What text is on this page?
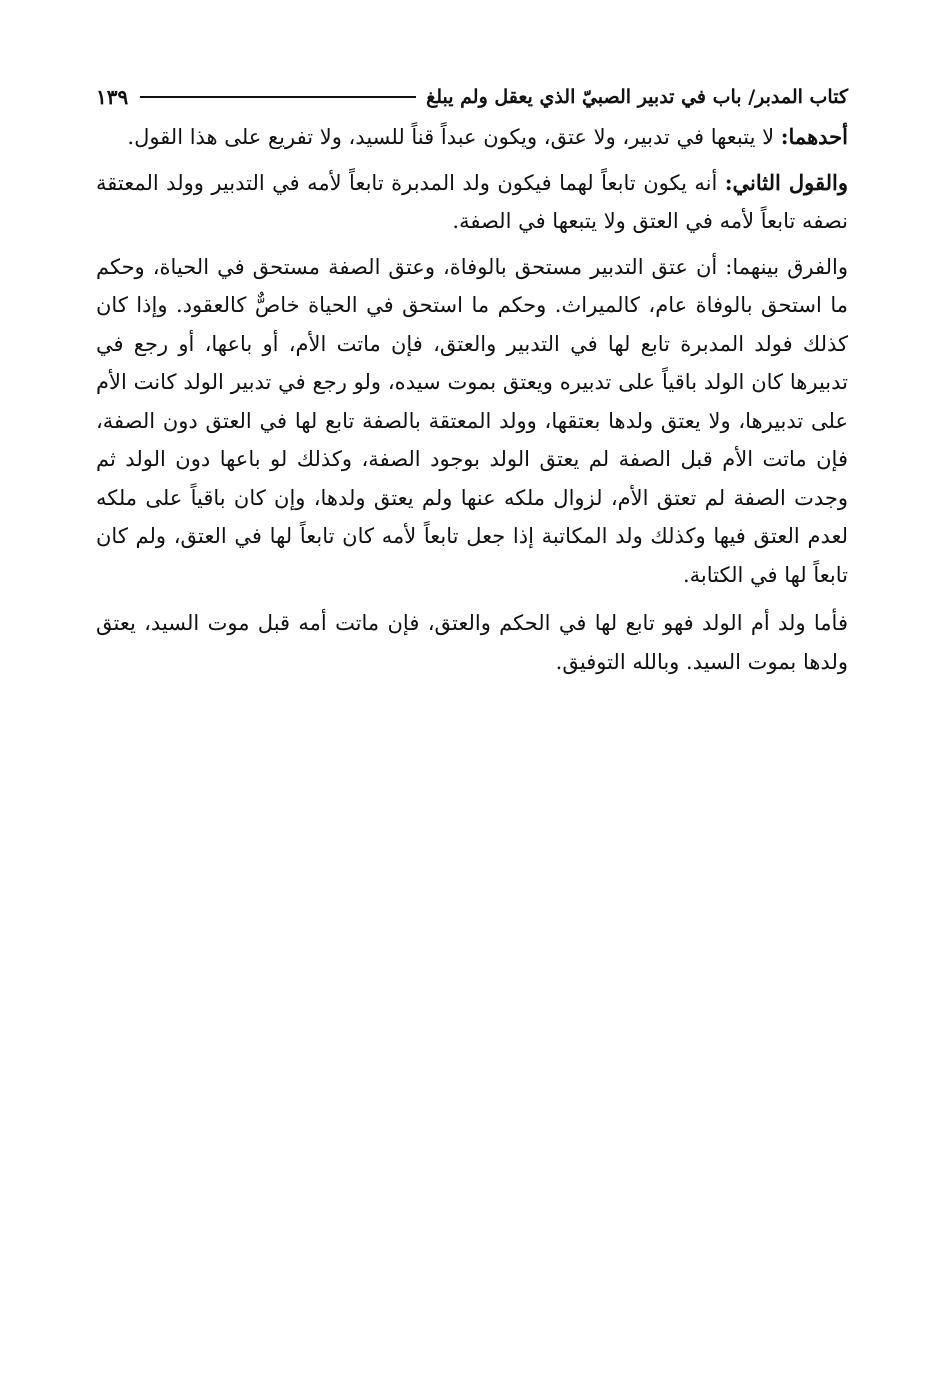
كتاب المدبر/ باب في تدبير الصبيّ الذي يعقل ولم يبلغ
١٣٩

أحدهما: لا يتبعها في تدبير، ولا عتق، ويكون عبداً قناً للسيد، ولا تفريع على هذا القول.

والقول الثاني: أنه يكون تابعاً لهما فيكون ولد المدبرة تابعاً لأمه في التدبير وولد المعتقة نصفه تابعاً لأمه في العتق ولا يتبعها في الصفة.

والفرق بينهما: أن عتق التدبير مستحق بالوفاة، وعتق الصفة مستحق في الحياة، وحكم ما استحق بالوفاة عام، كالميراث. وحكم ما استحق في الحياة خاصٌّ كالعقود. وإذا كان كذلك فولد المدبرة تابع لها في التدبير والعتق، فإن ماتت الأم، أو باعها، أو رجع في تدبيرها كان الولد باقياً على تدبيره ويعتق بموت سيده، ولو رجع في تدبير الولد كانت الأم على تدبيرها، ولا يعتق ولدها بعتقها، وولد المعتقة بالصفة تابع لها في العتق دون الصفة، فإن ماتت الأم قبل الصفة لم يعتق الولد بوجود الصفة، وكذلك لو باعها دون الولد ثم وجدت الصفة لم تعتق الأم، لزوال ملكه عنها ولم يعتق ولدها، وإن كان باقياً على ملكه لعدم العتق فيها وكذلك ولد المكاتبة إذا جعل تابعاً لأمه كان تابعاً لها في العتق، ولم كان تابعاً لها في الكتابة.

فأما ولد أم الولد فهو تابع لها في الحكم والعتق، فإن ماتت أمه قبل موت السيد، يعتق ولدها بموت السيد. وبالله التوفيق.
